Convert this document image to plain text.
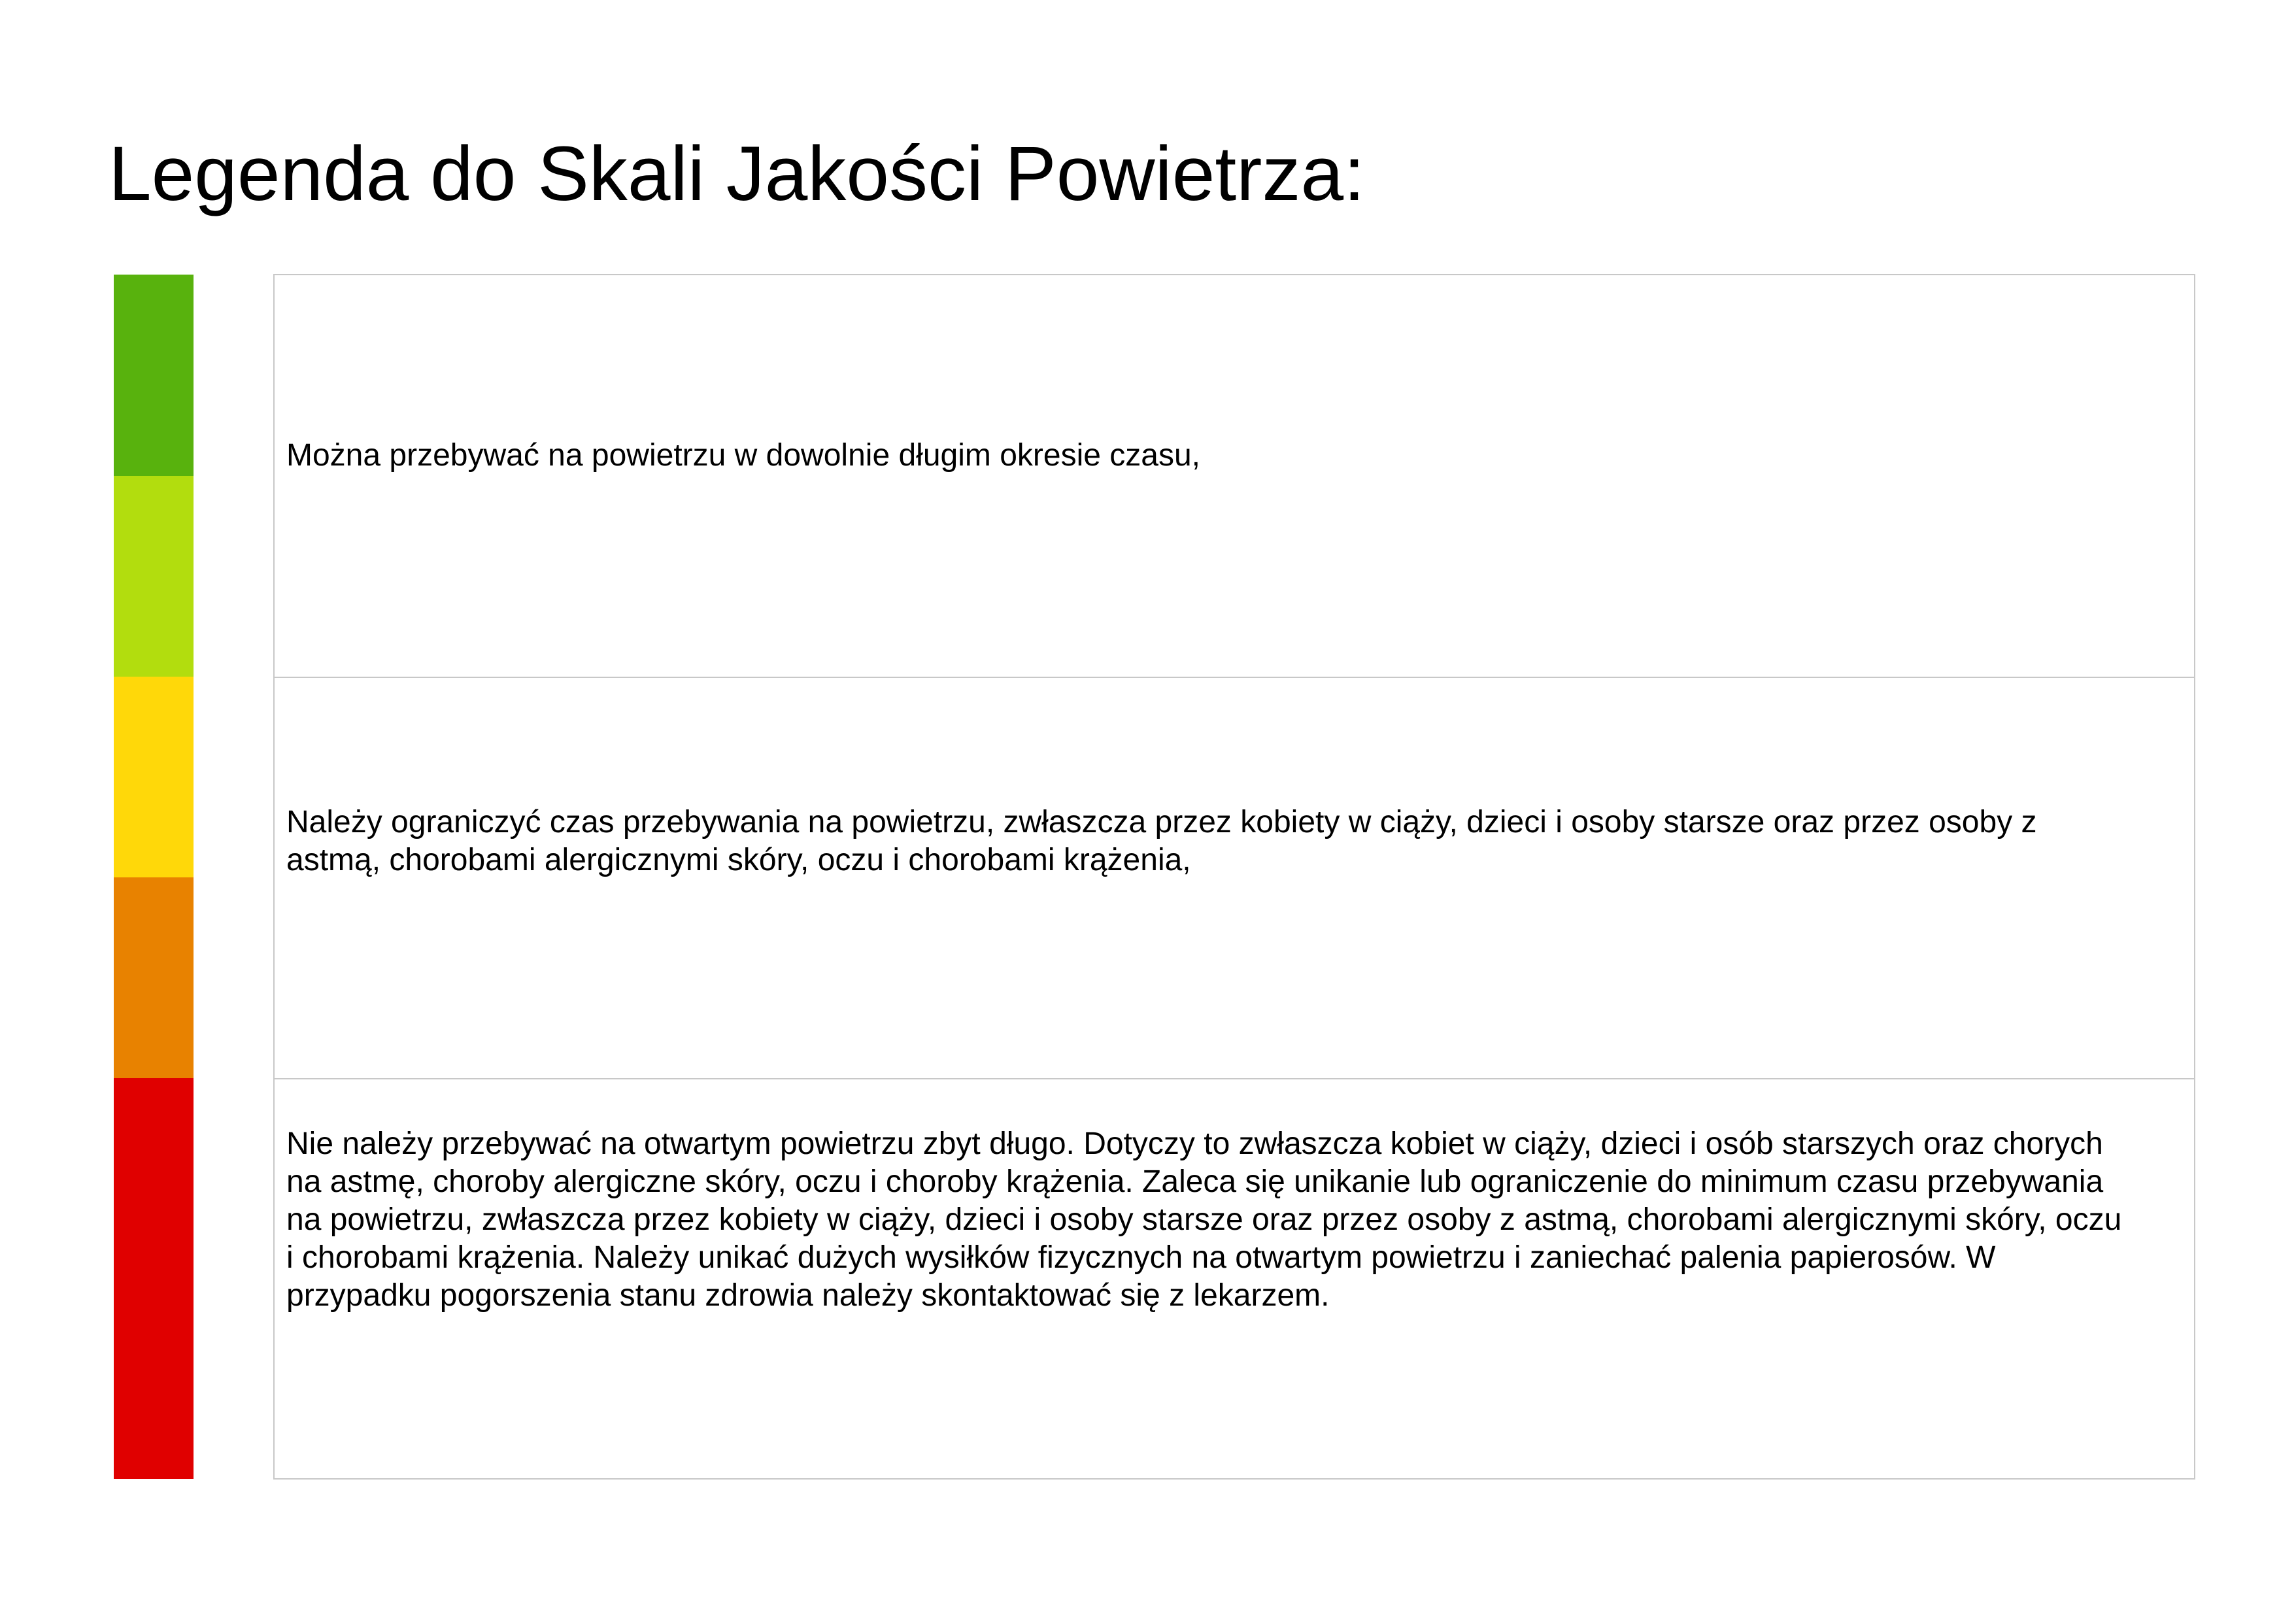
Legenda do Skali Jakości Powietrza:

Można przebywać na powietrzu w dowolnie długim okresie czasu,

Należy ograniczyć czas przebywania na powietrzu, zwłaszcza przez kobiety w ciąży, dzieci i osoby starsze oraz przez osoby z astmą, chorobami alergicznymi skóry, oczu i chorobami krążenia,

Nie należy przebywać na otwartym powietrzu zbyt długo. Dotyczy to zwłaszcza kobiet w ciąży, dzieci i osób starszych oraz chorych na astmę, choroby alergiczne skóry, oczu i choroby krążenia. Zaleca się unikanie lub ograniczenie do minimum czasu przebywania na powietrzu, zwłaszcza przez kobiety w ciąży, dzieci i osoby starsze oraz przez osoby z astmą, chorobami alergicznymi skóry, oczu i chorobami krążenia. Należy unikać dużych wysiłków fizycznych na otwartym powietrzu i zaniechać palenia papierosów. W przypadku pogorszenia stanu zdrowia należy skontaktować się z lekarzem.
